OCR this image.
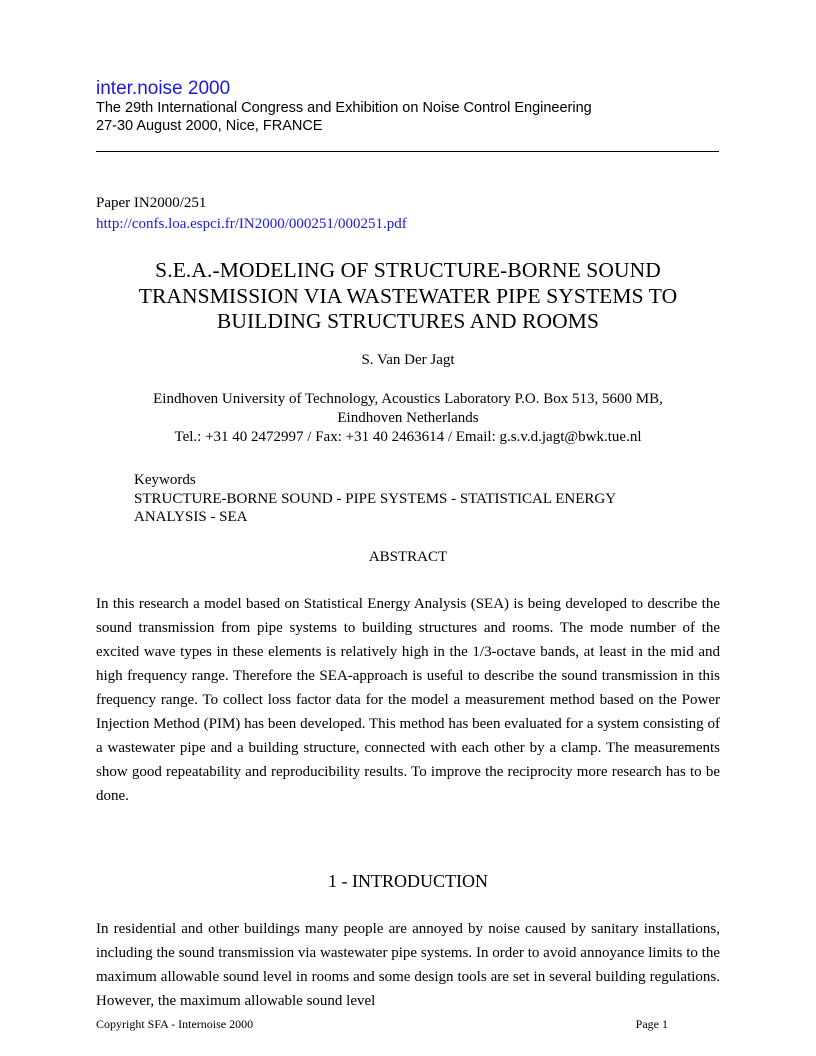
inter.noise 2000
The 29th International Congress and Exhibition on Noise Control Engineering
27-30 August 2000, Nice, FRANCE
Paper IN2000/251
http://confs.loa.espci.fr/IN2000/000251/000251.pdf
S.E.A.-MODELING OF STRUCTURE-BORNE SOUND
TRANSMISSION VIA WASTEWATER PIPE SYSTEMS TO
BUILDING STRUCTURES AND ROOMS
S. Van Der Jagt
Eindhoven University of Technology, Acoustics Laboratory P.O. Box 513, 5600 MB,
Eindhoven Netherlands
Tel.: +31 40 2472997 / Fax: +31 40 2463614 / Email: g.s.v.d.jagt@bwk.tue.nl
Keywords
STRUCTURE-BORNE SOUND - PIPE SYSTEMS - STATISTICAL ENERGY
ANALYSIS - SEA
ABSTRACT

In this research a model based on Statistical Energy Analysis (SEA) is being developed to describe the sound transmission from pipe systems to building structures and rooms. The mode number of the excited wave types in these elements is relatively high in the 1/3-octave bands, at least in the mid and high frequency range. Therefore the SEA-approach is useful to describe the sound transmission in this frequency range. To collect loss factor data for the model a measurement method based on the Power Injection Method (PIM) has been developed. This method has been evaluated for a system consisting of a wastewater pipe and a building structure, connected with each other by a clamp. The measurements show good repeatability and reproducibility results. To improve the reciprocity more research has to be done.

1 - INTRODUCTION

In residential and other buildings many people are annoyed by noise caused by sanitary installations, including the sound transmission via wastewater pipe systems. In order to avoid annoyance limits to the maximum allowable sound level in rooms and some design tools are set in several building regulations. However, the maximum allowable sound level

Copyright SFA - Internoise 2000	Page 1
